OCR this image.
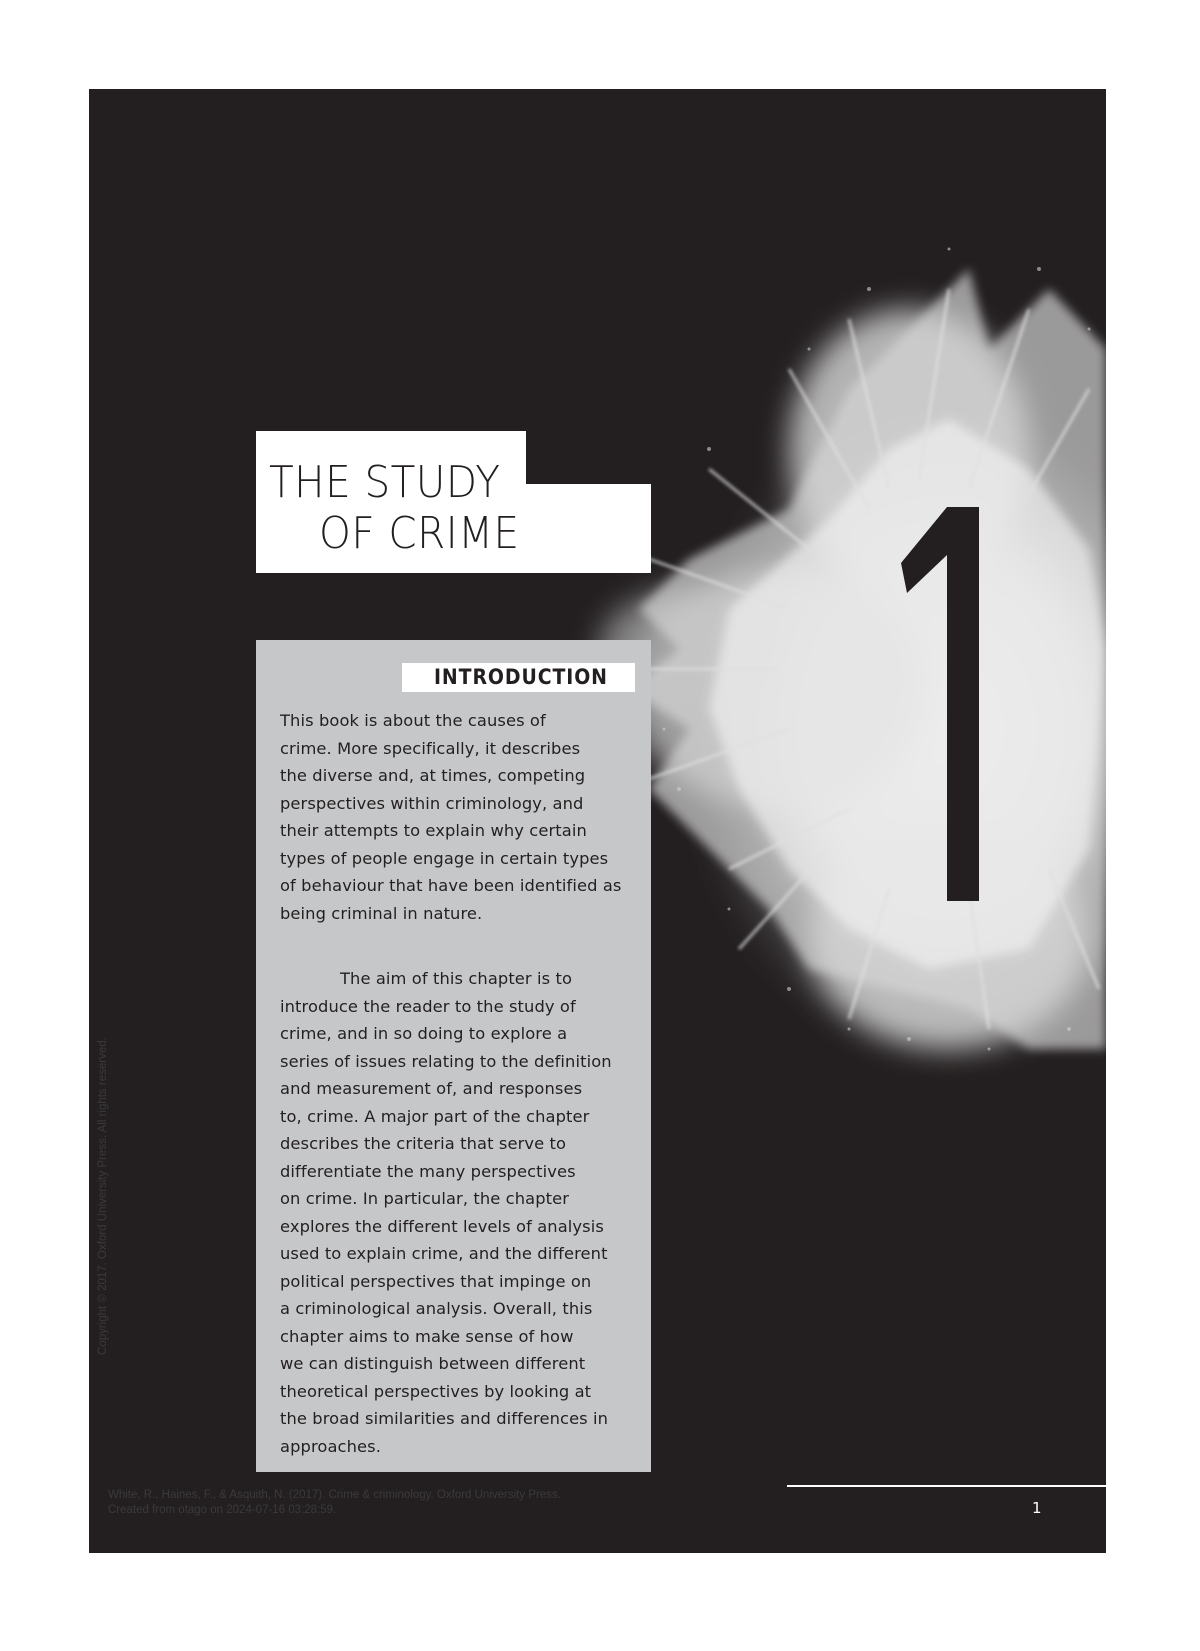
THE STUDY
OF CRIME
INTRODUCTION

This book is about the causes of
crime. More specifically, it describes
the diverse and, at times, competing
perspectives within criminology, and
their attempts to explain why certain
types of people engage in certain types
of behaviour that have been identified as
being criminal in nature.

The aim of this chapter is to
introduce the reader to the study of
crime, and in so doing to explore a
series of issues relating to the definition
and measurement of, and responses
to, crime. A major part of the chapter
describes the criteria that serve to
differentiate the many perspectives
on crime. In particular, the chapter
explores the different levels of analysis
used to explain crime, and the different
political perspectives that impinge on
a criminological analysis. Overall, this
chapter aims to make sense of how
we can distinguish between different
theoretical perspectives by looking at
the broad similarities and differences in
approaches.

Copyright © 2017. Oxford University Press. All rights reserved.
White, R., Haines, F., & Asquith, N. (2017). Crime & criminology. Oxford University Press.
Created from otago on 2024-07-16 03:28:59.	1
